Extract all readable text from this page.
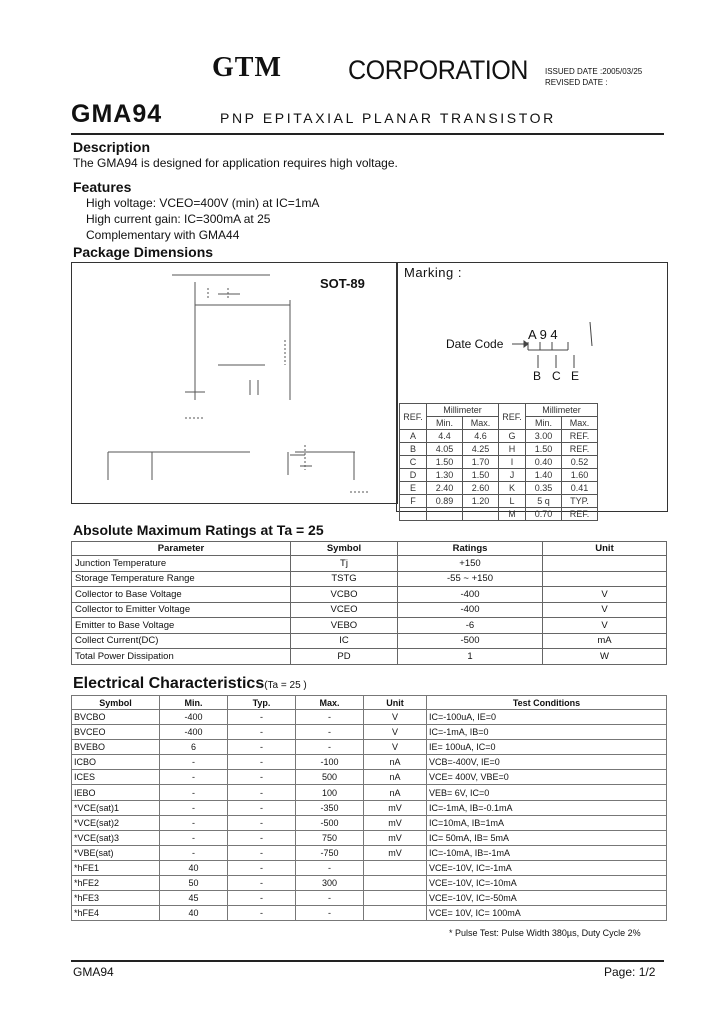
GTM CORPORATION ISSUED DATE :2005/03/25
REVISED DATE :
GMA94	PNP EPITAXIAL PLANAR TRANSISTOR
Description
The GMA94 is designed for application requires high voltage.
Features
High voltage: VCEO=400V (min) at IC=1mA
High current gain: IC=300mA at 25
Complementary with GMA44
Package Dimensions
SOT-89
Marking :
A 9 4
Date Code
B C E
REF.	Millimeter		REF.	Millimeter	
	Min.	Max.		Min.	Max.
A	4.4	4.6	G	3.00	REF.
B	4.05	4.25	H	1.50	REF.
C	1.50	1.70	I	0.40	0.52
D	1.30	1.50	J	1.40	1.60
E	2.40	2.60	K	0.35	0.41
F	0.89	1.20	L	5 q	TYP.
			M	0.70	REF.
Absolute Maximum Ratings at Ta = 25
Parameter	Symbol	Ratings	Unit
Junction Temperature	Tj	+150	
Storage Temperature Range	TSTG	-55 ~ +150	
Collector to Base Voltage	VCBO	-400	V
Collector to Emitter Voltage	VCEO	-400	V
Emitter to Base Voltage	VEBO	-6	V
Collect Current(DC)	IC	-500	mA
Total Power Dissipation	PD	1	W
Electrical Characteristics(Ta = 25 )
Symbol	Min.	Typ.	Max.	Unit	Test Conditions
BVCBO	-400	-	-	V	IC=-100uA, IE=0
BVCEO	-400	-	-	V	IC=-1mA, IB=0
BVEBO	6	-	-	V	IE= 100uA, IC=0
ICBO	-	-	-100	nA	VCB=-400V, IE=0
ICES	-	-	500	nA	VCE= 400V, VBE=0
IEBO	-	-	100	nA	VEB= 6V, IC=0
*VCE(sat)1	-	-	-350	mV	IC=-1mA, IB=-0.1mA
*VCE(sat)2	-	-	-500	mV	IC=10mA, IB=1mA
*VCE(sat)3	-	-	750	mV	IC= 50mA, IB= 5mA
*VBE(sat)	-	-	-750	mV	IC=-10mA, IB=-1mA
*hFE1	40	-	-		VCE=-10V, IC=-1mA
*hFE2	50	-	300		VCE=-10V, IC=-10mA
*hFE3	45	-	-		VCE=-10V, IC=-50mA
*hFE4	40	-	-		VCE= 10V, IC= 100mA
* Pulse Test: Pulse Width 380µs, Duty Cycle 2%
GMA94	Page: 1/2
